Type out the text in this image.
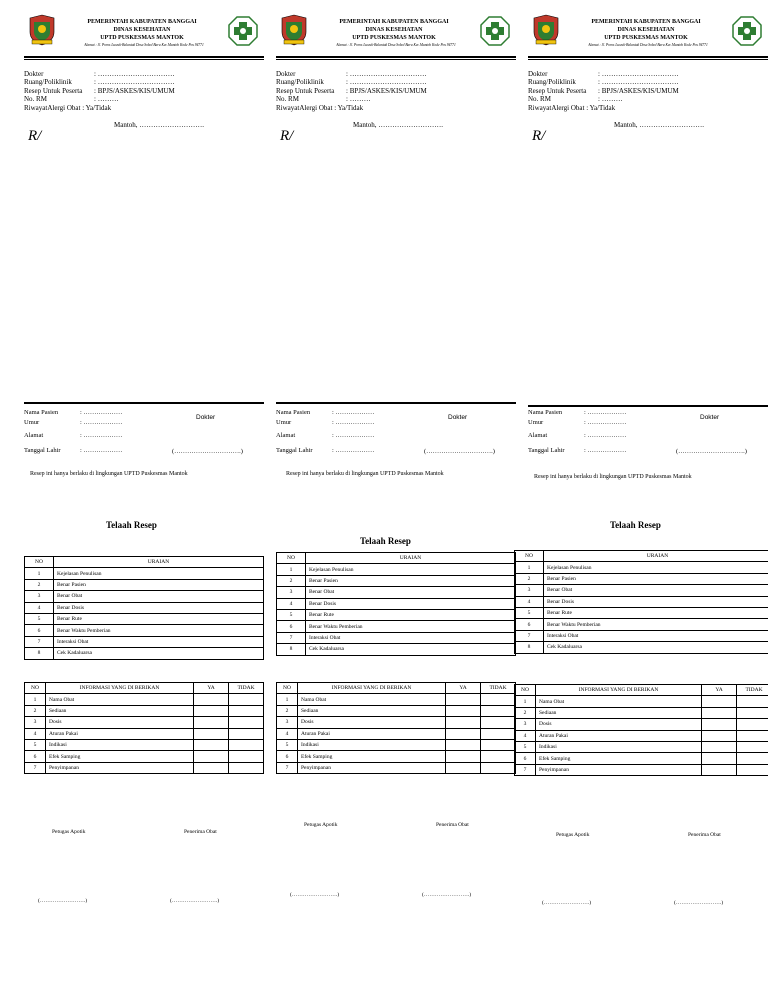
PEMERINTAH KABUPATEN BANGGAI
DINAS KESEHATAN
UPTD PUSKESMAS MANTOK
Alamat : Jl. Poros Luwuk-Balantak Desa Sobol Baru Kec.Mantoh Kode Pos 94771
Dokter	: ……………………………
Ruang/Poliklinik	: ……………………………
Resep Untuk Peserta : BPJS/ASKES/KIS/UMUM
No. RM	: ………
RiwayatAlergi Obat : Ya/Tidak
Mantoh, ……………………….
R/
Nama Pasien	: ………………
Umur	: ………………
Alamat	: ………………
Tanggal Lahir	: ………………
Dokter
(………………………….)
Resep ini hanya berlaku di lingkungan UPTD Puskesmas Mantok
Telaah Resep
NO	URAIAN
1	Kejelasan Penulisan
2	Benar Pasien
3	Benar Obat
4	Benar Dosis
5	Benar Rute
6	Benar Waktu Pemberian
7	Interaksi Obat
8	Cek Kadaluarsa
NO	INFORMASI YANG DI BERIKAN	YA	TIDAK
1	Nama Obat		
2	Sediaan		
3	Dosis		
4	Aturan Pakai		
5	Indikasi		
6	Efek Samping		
7	Penyimpanan		
Petugas Apotik	Penerima Obat
(…………………….)	(…………………….)
PEMERINTAH KABUPATEN BANGGAI
DINAS KESEHATAN
UPTD PUSKESMAS MANTOK
Alamat : Jl. Poros Luwuk-Balantak Desa Sobol Baru Kec.Mantoh Kode Pos 94771
Dokter	: ……………………………
Ruang/Poliklinik	: ……………………………
Resep Untuk Peserta : BPJS/ASKES/KIS/UMUM
No. RM	: ………
RiwayatAlergi Obat : Ya/Tidak
Mantoh, ……………………….
R/
Nama Pasien	: ………………
Umur	: ………………
Alamat	: ………………
Tanggal Lahir	: ………………
Dokter
(………………………….)
Resep ini hanya berlaku di lingkungan UPTD Puskesmas Mantok
Telaah Resep
NO	URAIAN
1	Kejelasan Penulisan
2	Benar Pasien
3	Benar Obat
4	Benar Dosis
5	Benar Rute
6	Benar Waktu Pemberian
7	Interaksi Obat
8	Cek Kadaluarsa
NO	INFORMASI YANG DI BERIKAN	YA	TIDAK
1	Nama Obat		
2	Sediaan		
3	Dosis		
4	Aturan Pakai		
5	Indikasi		
6	Efek Samping		
7	Penyimpanan		
Petugas Apotik	Penerima Obat
(…………………….)	(…………………….)
PEMERINTAH KABUPATEN BANGGAI
DINAS KESEHATAN
UPTD PUSKESMAS MANTOK
Alamat : Jl. Poros Luwuk-Balantak Desa Sobol Baru Kec.Mantoh Kode Pos 94771
Dokter	: ……………………………
Ruang/Poliklinik	: ……………………………
Resep Untuk Peserta : BPJS/ASKES/KIS/UMUM
No. RM	: ………
RiwayatAlergi Obat : Ya/Tidak
Mantoh, ……………………….
R/
Nama Pasien	: ………………
Umur	: ………………
Alamat	: ………………
Tanggal Lahir	: ………………
Dokter
(………………………….)
Resep ini hanya berlaku di lingkungan UPTD Puskesmas Mantok
Telaah Resep
NO	URAIAN
1	Kejelasan Penulisan
2	Benar Pasien
3	Benar Obat
4	Benar Dosis
5	Benar Rute
6	Benar Waktu Pemberian
7	Interaksi Obat
8	Cek Kadaluarsa
NO	INFORMASI YANG DI BERIKAN	YA	TIDAK
1	Nama Obat		
2	Sediaan		
3	Dosis		
4	Aturan Pakai		
5	Indikasi		
6	Efek Samping		
7	Penyimpanan		
Petugas Apotik	Penerima Obat
(…………………….)	(…………………….)
